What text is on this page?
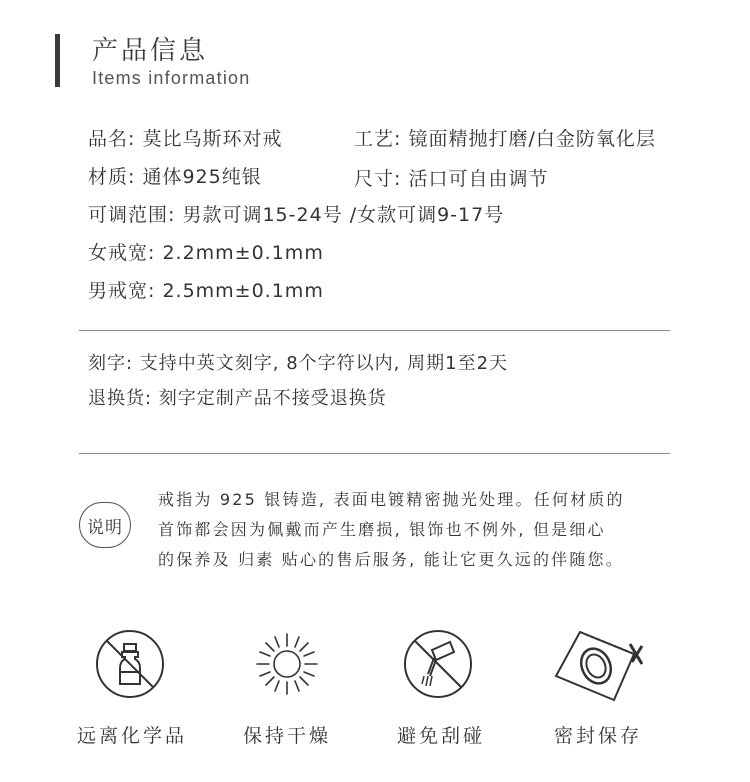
产品信息
Items information
品名: 莫比乌斯环对戒	工艺: 镜面精抛打磨/白金防氧化层
材质: 通体925纯银	尺寸: 活口可自由调节
可调范围: 男款可调15-24号 /女款可调9-17号
女戒宽: 2.2mm±0.1mm
男戒宽: 2.5mm±0.1mm
刻字: 支持中英文刻字, 8个字符以内, 周期1至2天
退换货: 刻字定制产品不接受退换货
说明
戒指为 925 银铸造, 表面电镀精密抛光处理。任何材质的
首饰都会因为佩戴而产生磨损, 银饰也不例外, 但是细心
的保养及 归素 贴心的售后服务, 能让它更久远的伴随您。
远离化学品	保持干燥	避免刮碰	密封保存
